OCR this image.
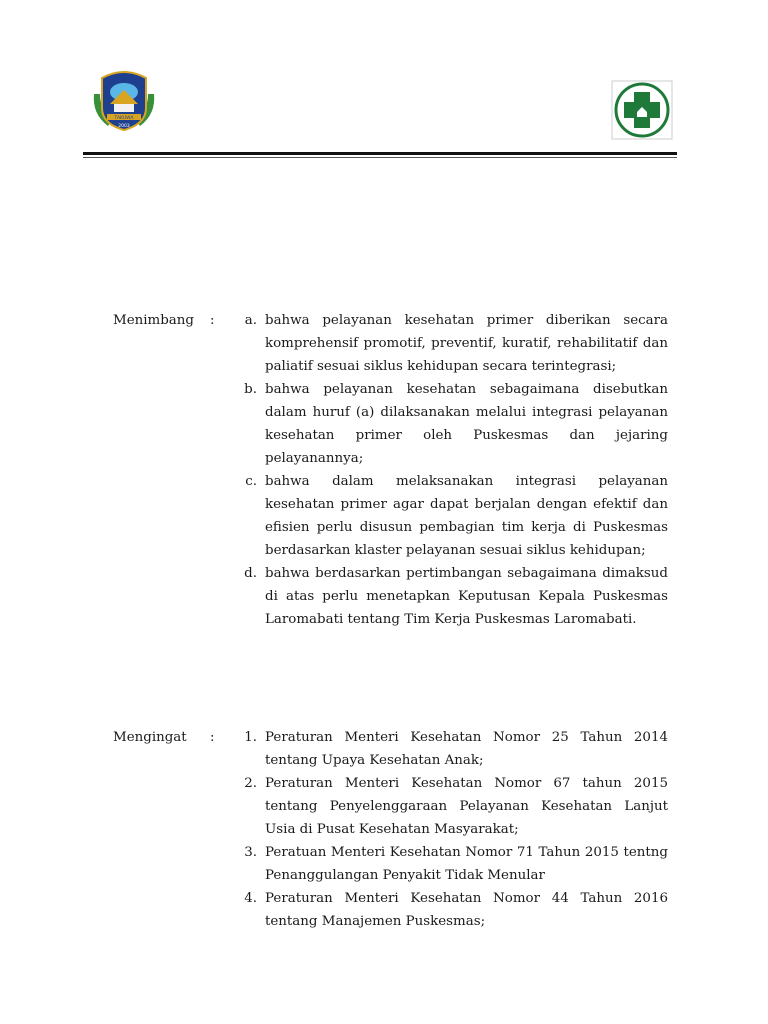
TAKUWA
2003
Menimbang	:	a. bahwa pelayanan kesehatan primer diberikan secara komprehensif promotif, preventif, kuratif, rehabilitatif dan paliatif sesuai siklus kehidupan secara terintegrasi;
b. bahwa pelayanan kesehatan sebagaimana disebutkan dalam huruf (a) dilaksanakan melalui integrasi pelayanan kesehatan primer oleh Puskesmas dan jejaring pelayanannya;
c. bahwa dalam melaksanakan integrasi pelayanan kesehatan primer agar dapat berjalan dengan efektif dan efisien perlu disusun pembagian tim kerja di Puskesmas berdasarkan klaster pelayanan sesuai siklus kehidupan;
d. bahwa berdasarkan pertimbangan sebagaimana dimaksud di atas perlu menetapkan Keputusan Kepala Puskesmas Laromabati tentang Tim Kerja Puskesmas Laromabati.
Mengingat	:	1. Peraturan Menteri Kesehatan Nomor 25 Tahun 2014 tentang Upaya Kesehatan Anak;
2. Peraturan Menteri Kesehatan Nomor 67 tahun 2015 tentang Penyelenggaraan Pelayanan Kesehatan Lanjut Usia di Pusat Kesehatan Masyarakat;
3. Peratuan Menteri Kesehatan Nomor 71 Tahun 2015 tentng Penanggulangan Penyakit Tidak Menular
4. Peraturan Menteri Kesehatan Nomor 44 Tahun 2016 tentang Manajemen Puskesmas;
